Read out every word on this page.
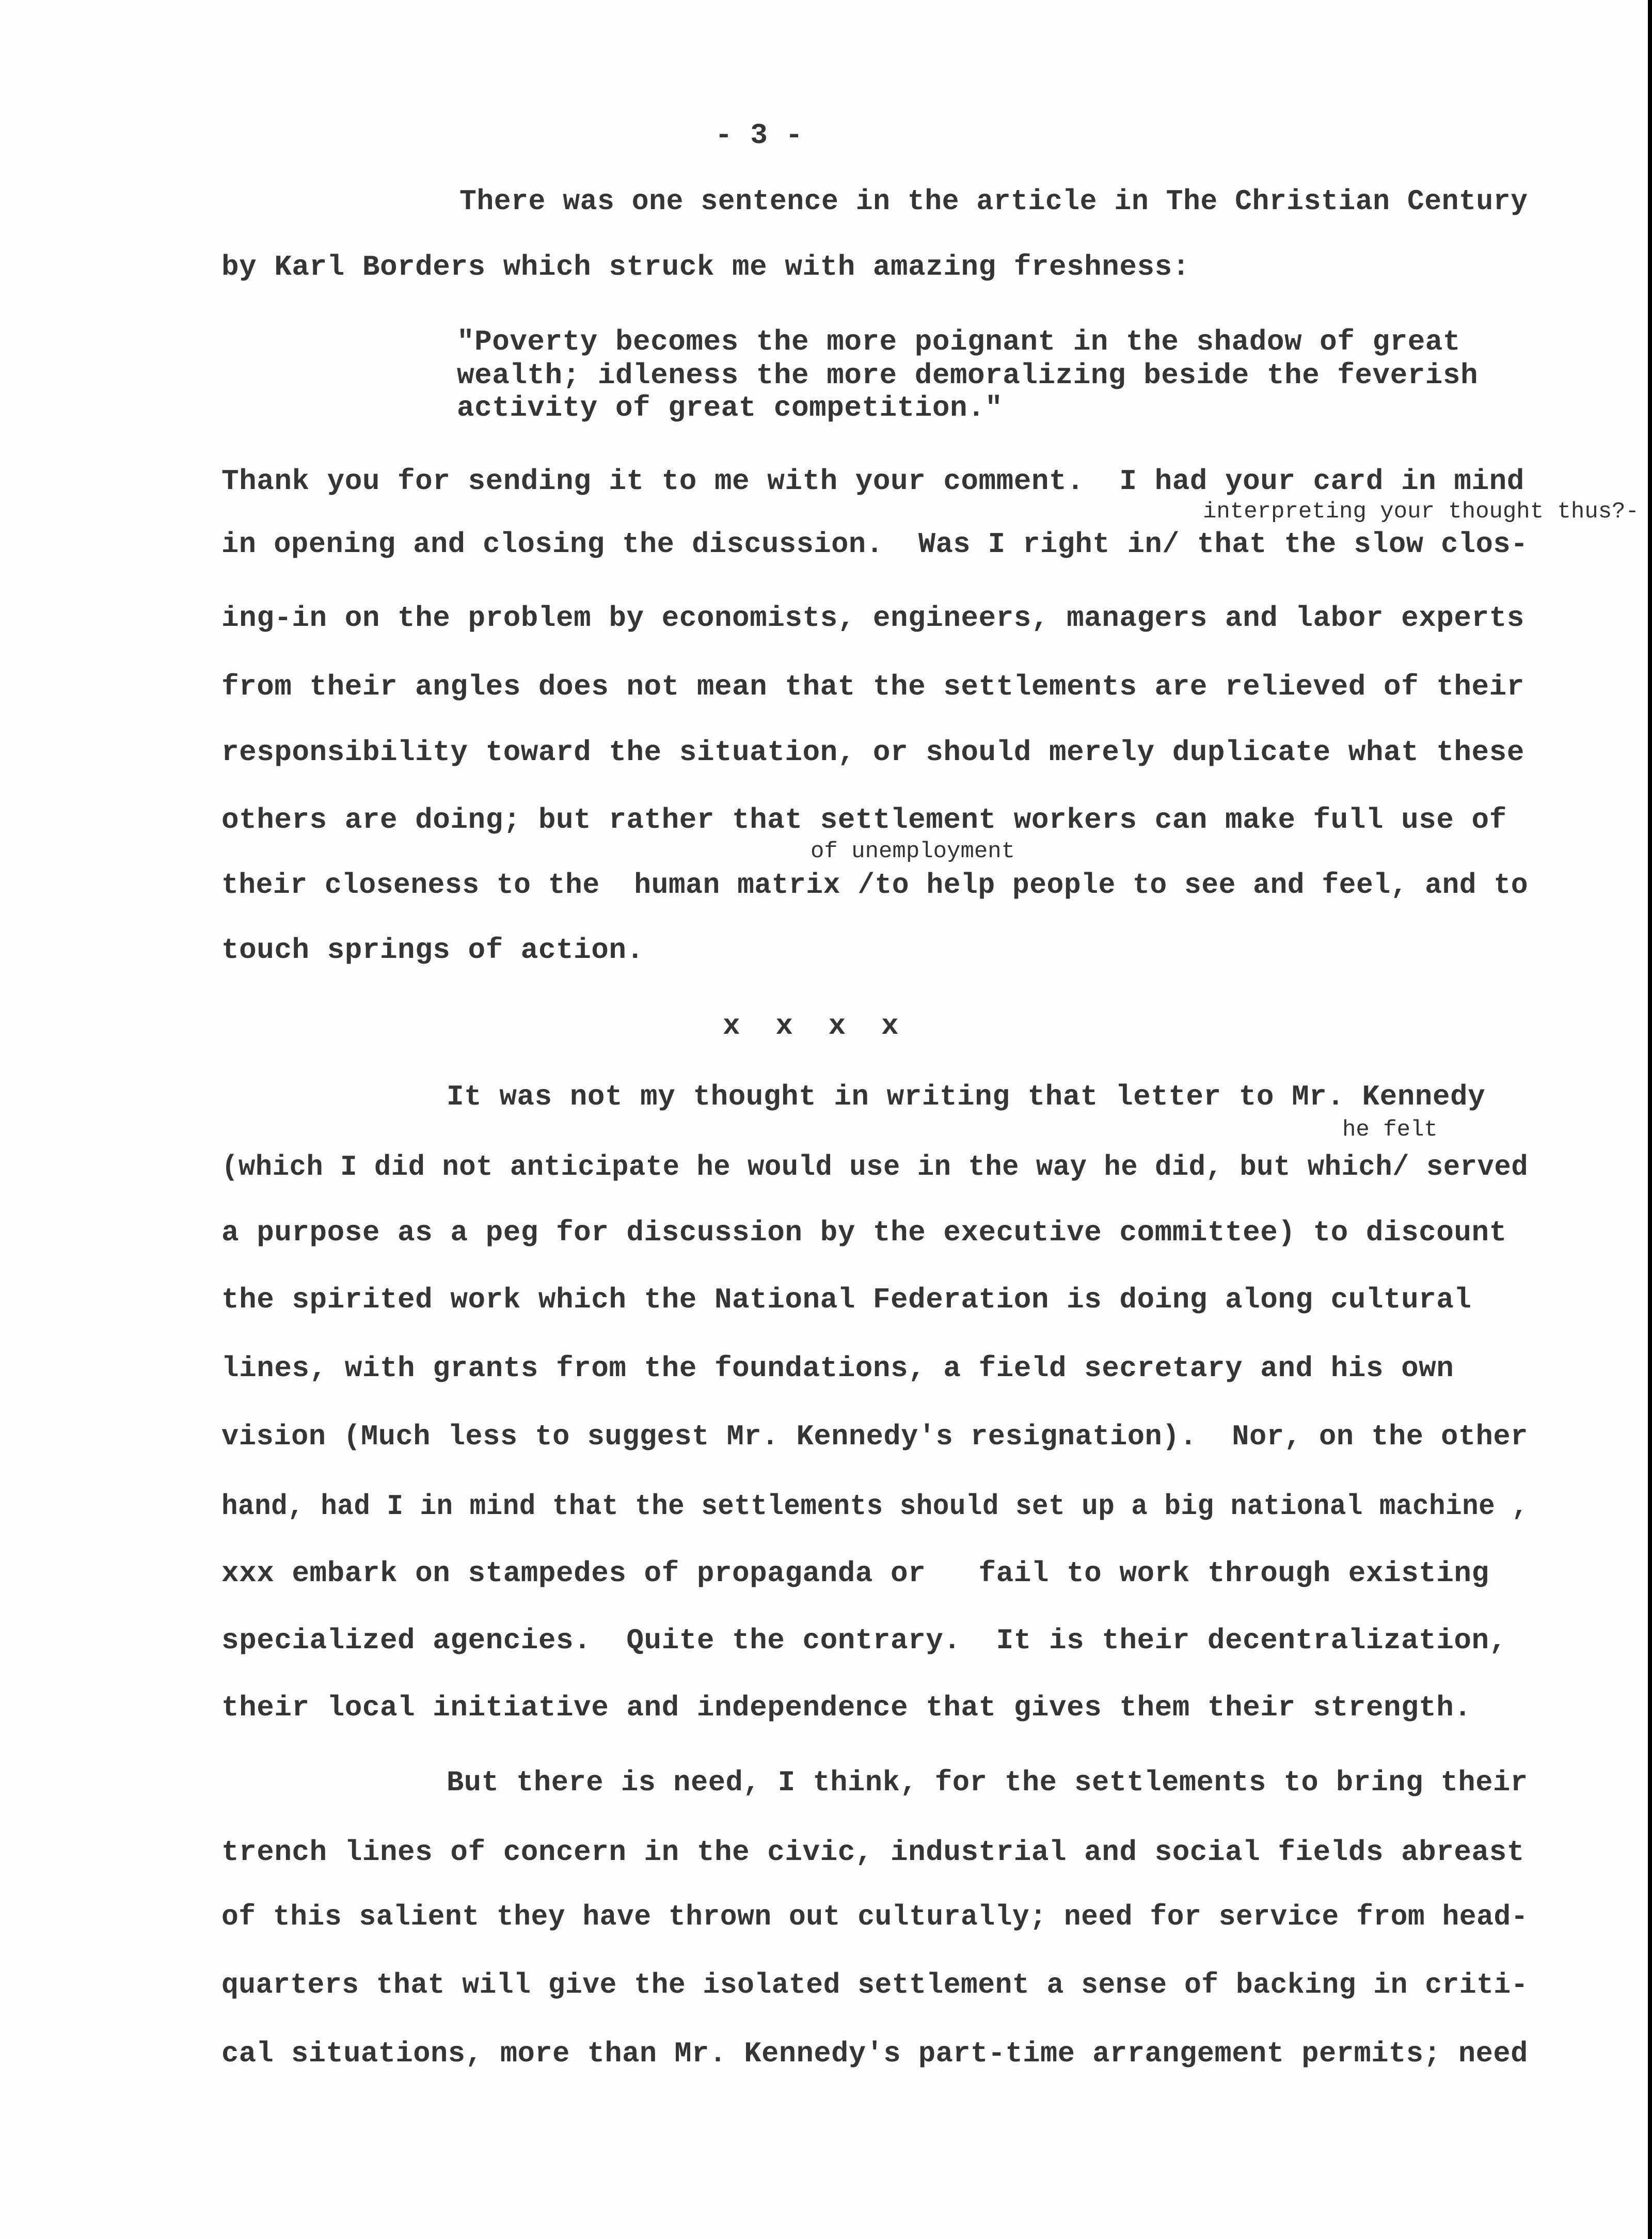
- 3 -
There was one sentence in the article in The Christian Century
by Karl Borders which struck me with amazing freshness:
"Poverty becomes the more poignant in the shadow of great
wealth; idleness the more demoralizing beside the feverish
activity of great competition."
Thank you for sending it to me with your comment.  I had your card in mind
interpreting your thought thus?-
in opening and closing the discussion.  Was I right in/ that the slow clos-
ing-in on the problem by economists, engineers, managers and labor experts
from their angles does not mean that the settlements are relieved of their
responsibility toward the situation, or should merely duplicate what these
others are doing; but rather that settlement workers can make full use of
of unemployment
their closeness to the  human matrix /to help people to see and feel, and to
touch springs of action.
x  x  x  x
It was not my thought in writing that letter to Mr. Kennedy
he felt
(which I did not anticipate he would use in the way he did, but which/ served
a purpose as a peg for discussion by the executive committee) to discount
the spirited work which the National Federation is doing along cultural
lines, with grants from the foundations, a field secretary and his own
vision (Much less to suggest Mr. Kennedy's resignation).  Nor, on the other
hand, had I in mind that the settlements should set up a big national machine ,
xxx embark on stampedes of propaganda or   fail to work through existing
specialized agencies.  Quite the contrary.  It is their decentralization,
their local initiative and independence that gives them their strength.
But there is need, I think, for the settlements to bring their
trench lines of concern in the civic, industrial and social fields abreast
of this salient they have thrown out culturally; need for service from head-
quarters that will give the isolated settlement a sense of backing in criti-
cal situations, more than Mr. Kennedy's part-time arrangement permits; need
